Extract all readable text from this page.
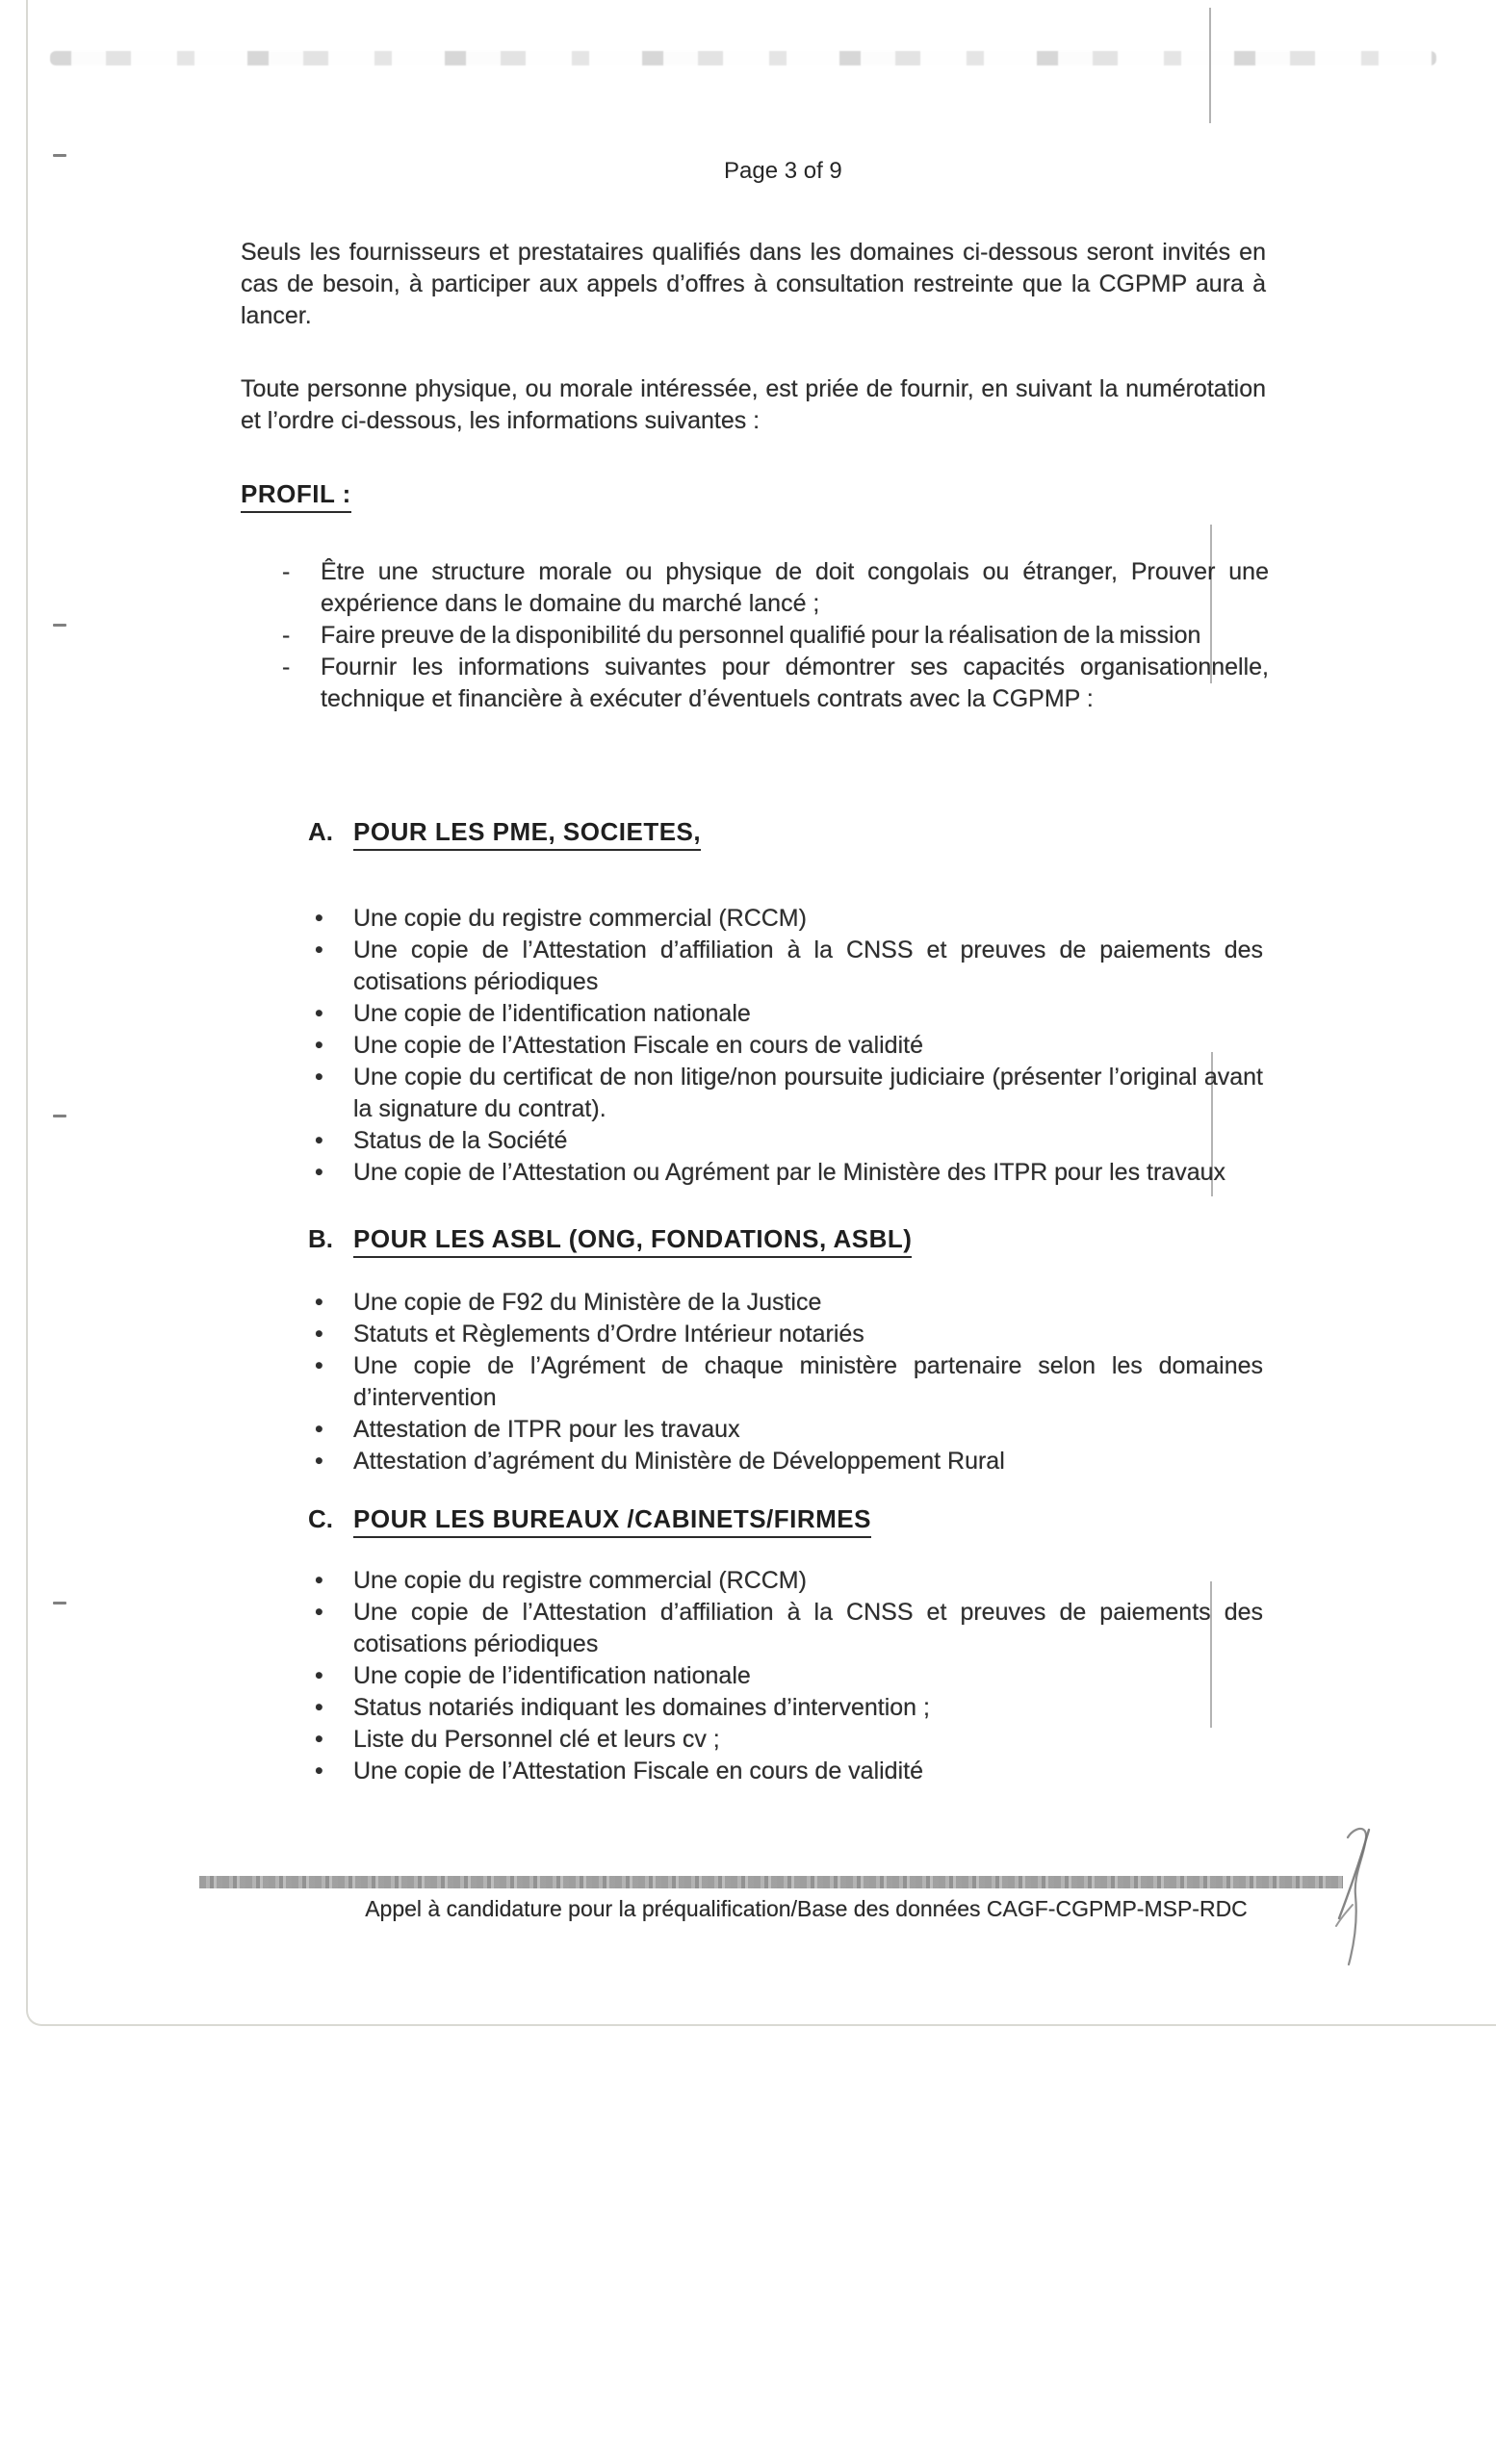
Page 3 of 9
Seuls les fournisseurs et prestataires qualifiés dans les domaines ci-dessous seront invités en cas de besoin, à participer aux appels d’offres à consultation restreinte que la CGPMP aura à lancer.
Toute personne physique, ou morale intéressée, est priée de fournir, en suivant la numérotation et l’ordre ci-dessous, les informations suivantes :
PROFIL :
-	Être une structure morale ou physique de doit congolais ou étranger, Prouver une expérience dans le domaine du marché lancé ;
-	Faire preuve de la disponibilité du personnel qualifié pour la réalisation de la mission
-	Fournir les informations suivantes pour démontrer ses capacités organisationnelle, technique et financière à exécuter d’éventuels contrats avec la CGPMP :
A. POUR LES PME, SOCIETES,
•	Une copie du registre commercial (RCCM)
•	Une copie de l’Attestation d’affiliation à la CNSS et preuves de paiements des cotisations périodiques
•	Une copie de l’identification nationale
•	Une copie de l’Attestation Fiscale en cours de validité
•	Une copie du certificat de non litige/non poursuite judiciaire (présenter l’original avant la signature du contrat).
•	Status de la Société
•	Une copie de l’Attestation ou Agrément par le Ministère des ITPR pour les travaux
B. POUR LES ASBL (ONG, FONDATIONS, ASBL)
•	Une copie de F92 du Ministère de la Justice
•	Statuts et Règlements d’Ordre Intérieur notariés
•	Une copie de l’Agrément de chaque ministère partenaire selon les domaines d’intervention
•	Attestation de ITPR pour les travaux
•	Attestation d’agrément du Ministère de Développement Rural
C. POUR LES BUREAUX /CABINETS/FIRMES
•	Une copie du registre commercial (RCCM)
•	Une copie de l’Attestation d’affiliation à la CNSS et preuves de paiements des cotisations périodiques
•	Une copie de l’identification nationale
•	Status notariés indiquant les domaines d’intervention ;
•	Liste du Personnel clé et leurs cv ;
•	Une copie de l’Attestation Fiscale en cours de validité
Appel à candidature pour la préqualification/Base des données CAGF-CGPMP-MSP-RDC
